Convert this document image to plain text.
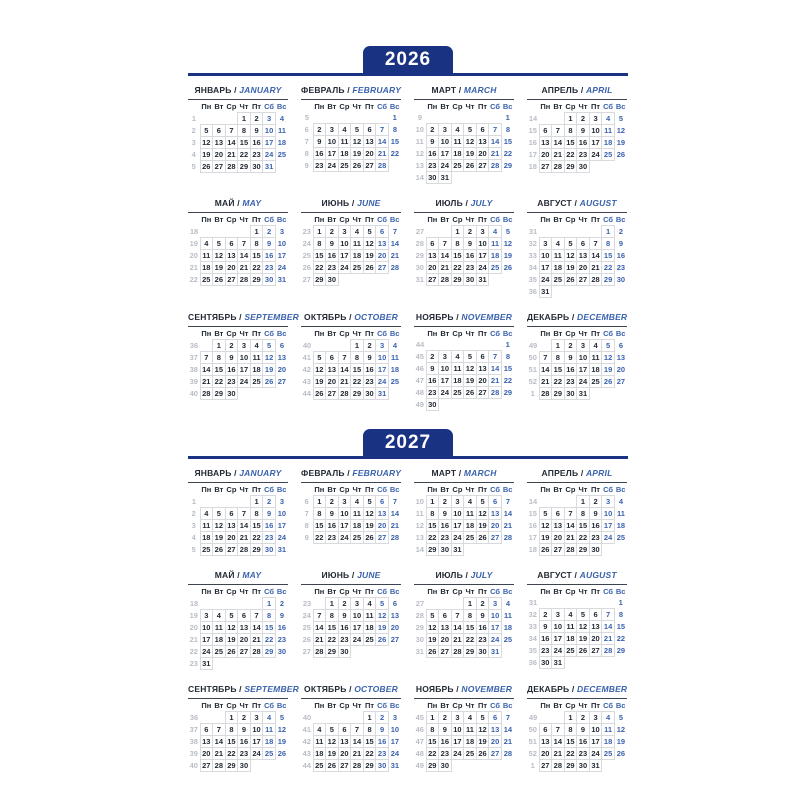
2026
ЯНВАРЬ / JANUARY
	Пн	Вт	Ср	Чт	Пт	Сб	Вс
1				1	2	3	4
2	5	6	7	8	9	10	11
3	12	13	14	15	16	17	18
4	19	20	21	22	23	24	25
5	26	27	28	29	30	31	
ФЕВРАЛЬ / FEBRUARY
	Пн	Вт	Ср	Чт	Пт	Сб	Вс
5							1
6	2	3	4	5	6	7	8
7	9	10	11	12	13	14	15
8	16	17	18	19	20	21	22
9	23	24	25	26	27	28	
МАРТ / MARCH
	Пн	Вт	Ср	Чт	Пт	Сб	Вс
9							1
10	2	3	4	5	6	7	8
11	9	10	11	12	13	14	15
12	16	17	18	19	20	21	22
13	23	24	25	26	27	28	29
14	30	31					
АПРЕЛЬ / APRIL
	Пн	Вт	Ср	Чт	Пт	Сб	Вс
14			1	2	3	4	5
15	6	7	8	9	10	11	12
16	13	14	15	16	17	18	19
17	20	21	22	23	24	25	26
18	27	28	29	30			
МАЙ / MAY
	Пн	Вт	Ср	Чт	Пт	Сб	Вс
18					1	2	3
19	4	5	6	7	8	9	10
20	11	12	13	14	15	16	17
21	18	19	20	21	22	23	24
22	25	26	27	28	29	30	31
ИЮНЬ / JUNE
	Пн	Вт	Ср	Чт	Пт	Сб	Вс
23	1	2	3	4	5	6	7
24	8	9	10	11	12	13	14
25	15	16	17	18	19	20	21
26	22	23	24	25	26	27	28
27	29	30					
ИЮЛЬ / JULY
	Пн	Вт	Ср	Чт	Пт	Сб	Вс
27			1	2	3	4	5
28	6	7	8	9	10	11	12
29	13	14	15	16	17	18	19
30	20	21	22	23	24	25	26
31	27	28	29	30	31		
АВГУСТ / AUGUST
	Пн	Вт	Ср	Чт	Пт	Сб	Вс
31						1	2
32	3	4	5	6	7	8	9
33	10	11	12	13	14	15	16
34	17	18	19	20	21	22	23
35	24	25	26	27	28	29	30
36	31						
СЕНТЯБРЬ / SEPTEMBER
	Пн	Вт	Ср	Чт	Пт	Сб	Вс
36		1	2	3	4	5	6
37	7	8	9	10	11	12	13
38	14	15	16	17	18	19	20
39	21	22	23	24	25	26	27
40	28	29	30				
ОКТЯБРЬ / OCTOBER
	Пн	Вт	Ср	Чт	Пт	Сб	Вс
40				1	2	3	4
41	5	6	7	8	9	10	11
42	12	13	14	15	16	17	18
43	19	20	21	22	23	24	25
44	26	27	28	29	30	31	
НОЯБРЬ / NOVEMBER
	Пн	Вт	Ср	Чт	Пт	Сб	Вс
44							1
45	2	3	4	5	6	7	8
46	9	10	11	12	13	14	15
47	16	17	18	19	20	21	22
48	23	24	25	26	27	28	29
49	30						
ДЕКАБРЬ / DECEMBER
	Пн	Вт	Ср	Чт	Пт	Сб	Вс
49		1	2	3	4	5	6
50	7	8	9	10	11	12	13
51	14	15	16	17	18	19	20
52	21	22	23	24	25	26	27
1	28	29	30	31			
2027
ЯНВАРЬ / JANUARY
	Пн	Вт	Ср	Чт	Пт	Сб	Вс
1					1	2	3
2	4	5	6	7	8	9	10
3	11	12	13	14	15	16	17
4	18	19	20	21	22	23	24
5	25	26	27	28	29	30	31
ФЕВРАЛЬ / FEBRUARY
	Пн	Вт	Ср	Чт	Пт	Сб	Вс
6	1	2	3	4	5	6	7
7	8	9	10	11	12	13	14
8	15	16	17	18	19	20	21
9	22	23	24	25	26	27	28
МАРТ / MARCH
	Пн	Вт	Ср	Чт	Пт	Сб	Вс
10	1	2	3	4	5	6	7
11	8	9	10	11	12	13	14
12	15	16	17	18	19	20	21
13	22	23	24	25	26	27	28
14	29	30	31				
АПРЕЛЬ / APRIL
	Пн	Вт	Ср	Чт	Пт	Сб	Вс
14				1	2	3	4
15	5	6	7	8	9	10	11
16	12	13	14	15	16	17	18
17	19	20	21	22	23	24	25
18	26	27	28	29	30		
МАЙ / MAY
	Пн	Вт	Ср	Чт	Пт	Сб	Вс
18						1	2
19	3	4	5	6	7	8	9
20	10	11	12	13	14	15	16
21	17	18	19	20	21	22	23
22	24	25	26	27	28	29	30
23	31						
ИЮНЬ / JUNE
	Пн	Вт	Ср	Чт	Пт	Сб	Вс
23		1	2	3	4	5	6
24	7	8	9	10	11	12	13
25	14	15	16	17	18	19	20
26	21	22	23	24	25	26	27
27	28	29	30				
ИЮЛЬ / JULY
	Пн	Вт	Ср	Чт	Пт	Сб	Вс
27				1	2	3	4
28	5	6	7	8	9	10	11
29	12	13	14	15	16	17	18
30	19	20	21	22	23	24	25
31	26	27	28	29	30	31	
АВГУСТ / AUGUST
	Пн	Вт	Ср	Чт	Пт	Сб	Вс
31							1
32	2	3	4	5	6	7	8
33	9	10	11	12	13	14	15
34	16	17	18	19	20	21	22
35	23	24	25	26	27	28	29
36	30	31					
СЕНТЯБРЬ / SEPTEMBER
	Пн	Вт	Ср	Чт	Пт	Сб	Вс
36			1	2	3	4	5
37	6	7	8	9	10	11	12
38	13	14	15	16	17	18	19
39	20	21	22	23	24	25	26
40	27	28	29	30			
ОКТЯБРЬ / OCTOBER
	Пн	Вт	Ср	Чт	Пт	Сб	Вс
40					1	2	3
41	4	5	6	7	8	9	10
42	11	12	13	14	15	16	17
43	18	19	20	21	22	23	24
44	25	26	27	28	29	30	31
НОЯБРЬ / NOVEMBER
	Пн	Вт	Ср	Чт	Пт	Сб	Вс
45	1	2	3	4	5	6	7
46	8	9	10	11	12	13	14
47	15	16	17	18	19	20	21
48	22	23	24	25	26	27	28
49	29	30					
ДЕКАБРЬ / DECEMBER
	Пн	Вт	Ср	Чт	Пт	Сб	Вс
49			1	2	3	4	5
50	6	7	8	9	10	11	12
51	13	14	15	16	17	18	19
52	20	21	22	23	24	25	26
1	27	28	29	30	31		
